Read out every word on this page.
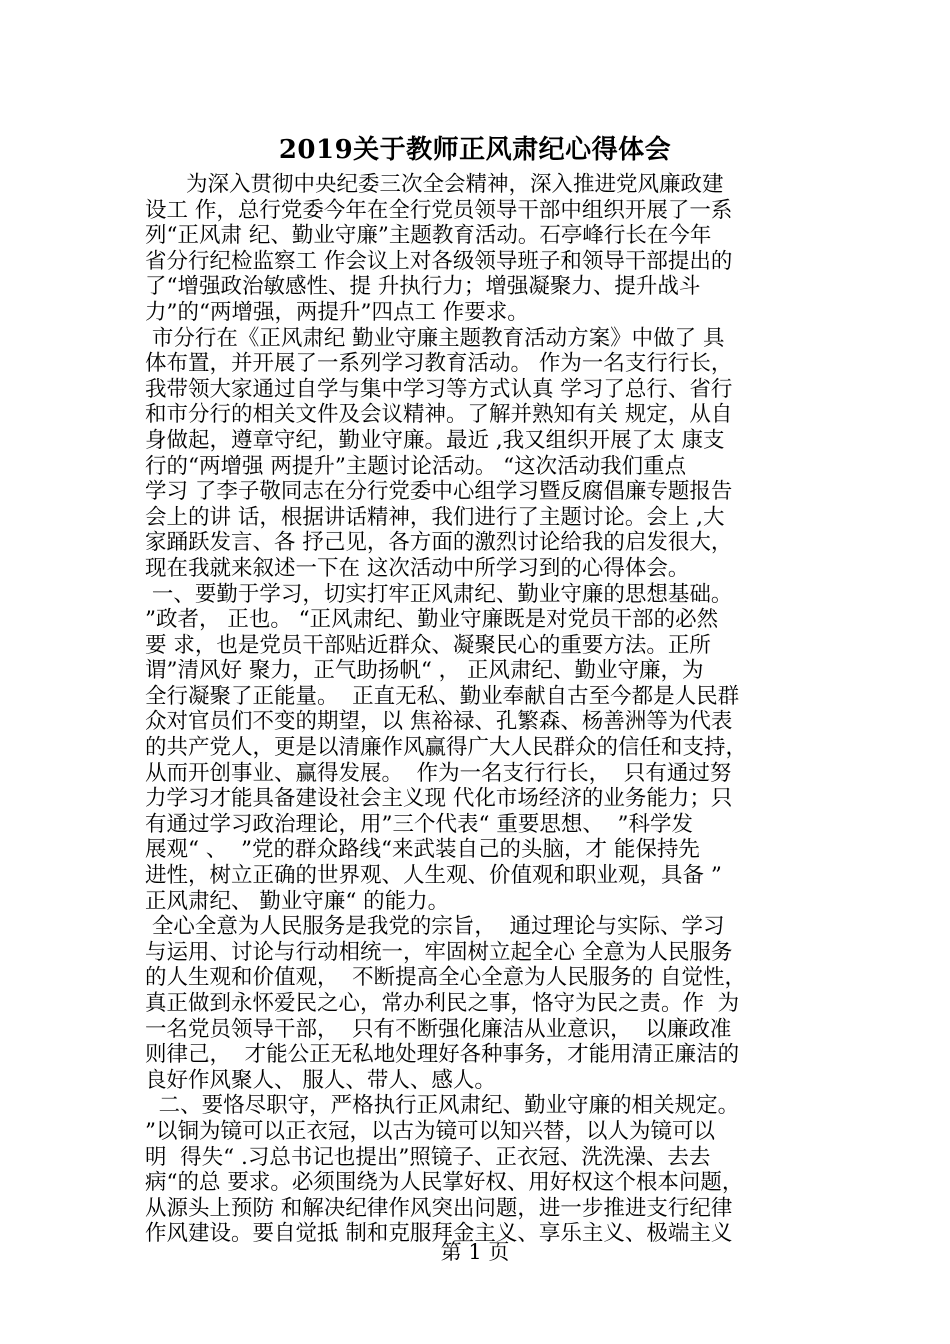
2019关于教师正风肃纪心得体会
为深入贯彻中央纪委三次全会精神，深入推进党风廉政建
设工 作，总行党委今年在全行党员领导干部中组织开展了一系
列“正风肃 纪、勤业守廉”主题教育活动。石亭峰行长在今年
省分行纪检监察工 作会议上对各级领导班子和领导干部提出的
了“增强政治敏感性、提 升执行力；增强凝聚力、提升战斗
力”的“两增强，两提升”四点工 作要求。
市分行在《正风肃纪 勤业守廉主题教育活动方案》中做了 具
体布置，并开展了一系列学习教育活动。 作为一名支行行长，
我带领大家通过自学与集中学习等方式认真 学习了总行、省行
和市分行的相关文件及会议精神。了解并熟知有关 规定，从自
身做起，遵章守纪，勤业守廉。最近 ,我又组织开展了太 康支
行的“两增强 两提升”主题讨论活动。 “这次活动我们重点
学习 了李子敬同志在分行党委中心组学习暨反腐倡廉专题报告
会上的讲 话，根据讲话精神，我们进行了主题讨论。会上 ,大
家踊跃发言、各 抒己见，各方面的激烈讨论给我的启发很大，
现在我就来叙述一下在 这次活动中所学习到的心得体会。
一、要勤于学习，切实打牢正风肃纪、勤业守廉的思想基础。
”政者， 正也。 “正风肃纪、勤业守廉既是对党员干部的必然
要 求，也是党员干部贴近群众、凝聚民心的重要方法。正所
谓”清风好 聚力，正气助扬帆“ ， 正风肃纪、勤业守廉，为
全行凝聚了正能量。  正直无私、勤业奉献自古至今都是人民群
众对官员们不变的期望，以 焦裕禄、孔繁森、杨善洲等为代表
的共产党人，更是以清廉作风赢得广大人民群众的信任和支持，
从而开创事业、赢得发展。  作为一名支行行长，  只有通过努
力学习才能具备建设社会主义现 代化市场经济的业务能力；只
有通过学习政治理论，用”三个代表“ 重要思想、  ”科学发
展观“ 、  ”党的群众路线“来武装自己的头脑，才 能保持先
进性，树立正确的世界观、人生观、价值观和职业观，具备 ”
正风肃纪、 勤业守廉“ 的能力。
全心全意为人民服务是我党的宗旨，  通过理论与实际、学习
与运用、讨论与行动相统一，牢固树立起全心 全意为人民服务
的人生观和价值观，  不断提高全心全意为人民服务的 自觉性，
真正做到永怀爱民之心，常办利民之事，恪守为民之责。作  为
一名党员领导干部，  只有不断强化廉洁从业意识，  以廉政准
则律己，  才能公正无私地处理好各种事务，才能用清正廉洁的
良好作风聚人、 服人、带人、感人。
二、要恪尽职守，严格执行正风肃纪、勤业守廉的相关规定。
”以铜为镜可以正衣冠，以古为镜可以知兴替，以人为镜可以
明  得失“ .习总书记也提出”照镜子、正衣冠、洗洗澡、去去
病“的总 要求。必须围绕为人民掌好权、用好权这个根本问题，
从源头上预防 和解决纪律作风突出问题，进一步推进支行纪律
作风建设。要自觉抵 制和克服拜金主义、享乐主义、极端主义
第 1 页
